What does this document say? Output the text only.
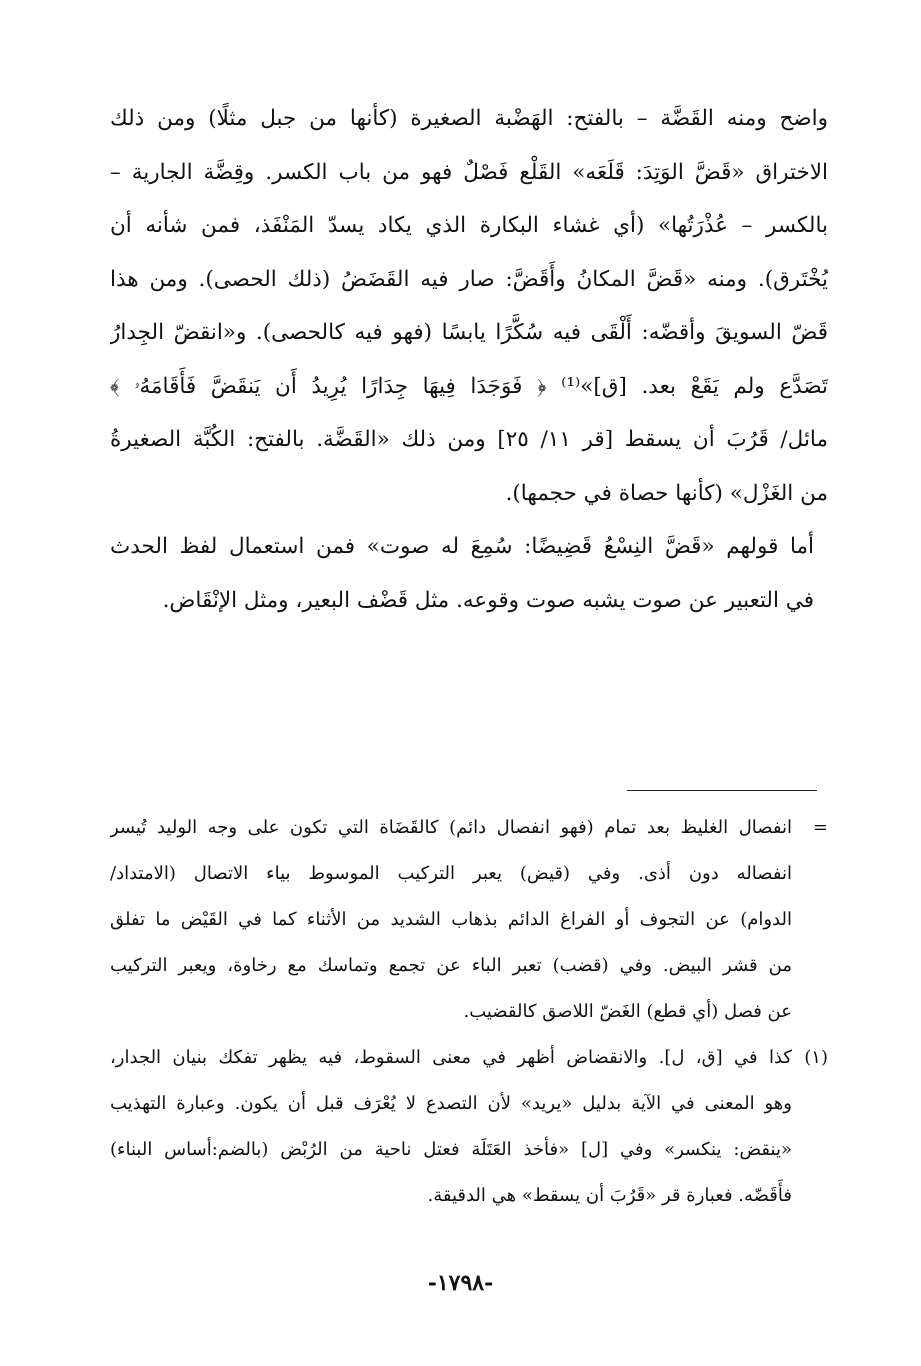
واضح ومنه القَضَّة – بالفتح: الهَضْبة الصغيرة (كأنها من جبل مثلًا) ومن ذلك
الاختراق «قَضَّ الوَتِدَ: قَلَعَه» القَلْع فَصْلٌ فهو من باب الكسر. وقِضَّة الجارية –
بالكسر – عُذْرَتُها» (أي غشاء البكارة الذي يكاد يسدّ المَنْفَذ، فمن شأنه أن
يُخْتَرق). ومنه «قَضَّ المكانُ وأَقَضَّ: صار فيه القَضَضُ (ذلك الحصى). ومن هذا
قَضّ السويقَ وأقضّه: أَلْقَى فيه سُكَّرًا يابسًا (فهو فيه كالحصى). و«انقضّ الجِدارُ
تَصَدَّع ولم يَقَعْ بعد. [ق]»⁽¹⁾ ﴿ فَوَجَدَا فِيهَا جِدَارًا يُرِيدُ أَن يَنقَضَّ فَأَقَامَهُۥ ﴾
مائل/ قَرُبَ أن يسقط [قر ١١/ ٢٥] ومن ذلك «القَضَّة. بالفتح: الكُبَّة الصغيرةُ
من الغَزْل» (كأنها حصاة في حجمها).
أما قولهم «قَضَّ النِسْعُ قَضِيضًا: سُمِعَ له صوت» فمن استعمال لفظ الحدث
في التعبير عن صوت يشبه صوت وقوعه. مثل قَضْف البعير، ومثل الإنْقَاض.
=
انفصال الغليظ بعد تمام (فهو انفصال دائم) كالقَضَاة التي تكون على وجه الوليد تُيسر
انفصاله دون أذى. وفي (قيض) يعبر التركيب الموسوط بياء الاتصال (الامتداد/
الدوام) عن التجوف أو الفراغ الدائم بذهاب الشديد من الأثناء كما في القَيْض ما تفلق
من قشر البيض. وفي (قضب) تعبر الباء عن تجمع وتماسك مع رخاوة، ويعبر التركيب
عن فصل (أي قطع) الغَضّ اللاصق كالقضيب.
(١)
كذا في [ق، ل]. والانقضاض أظهر في معنى السقوط، فيه يظهر تفكك بنيان الجدار،
وهو المعنى في الآية بدليل «يريد» لأن التصدع لا يُعْرَف قبل أن يكون. وعبارة التهذيب
«ينقض: ينكسر» وفي [ل] «فأخذ العَتَلَة فعتل ناحية من الرُبْض (بالضم:أساس البناء)
فأَقَضّه. فعبارة قر «قَرُبَ أن يسقط» هي الدقيقة.
-١٧٩٨-
